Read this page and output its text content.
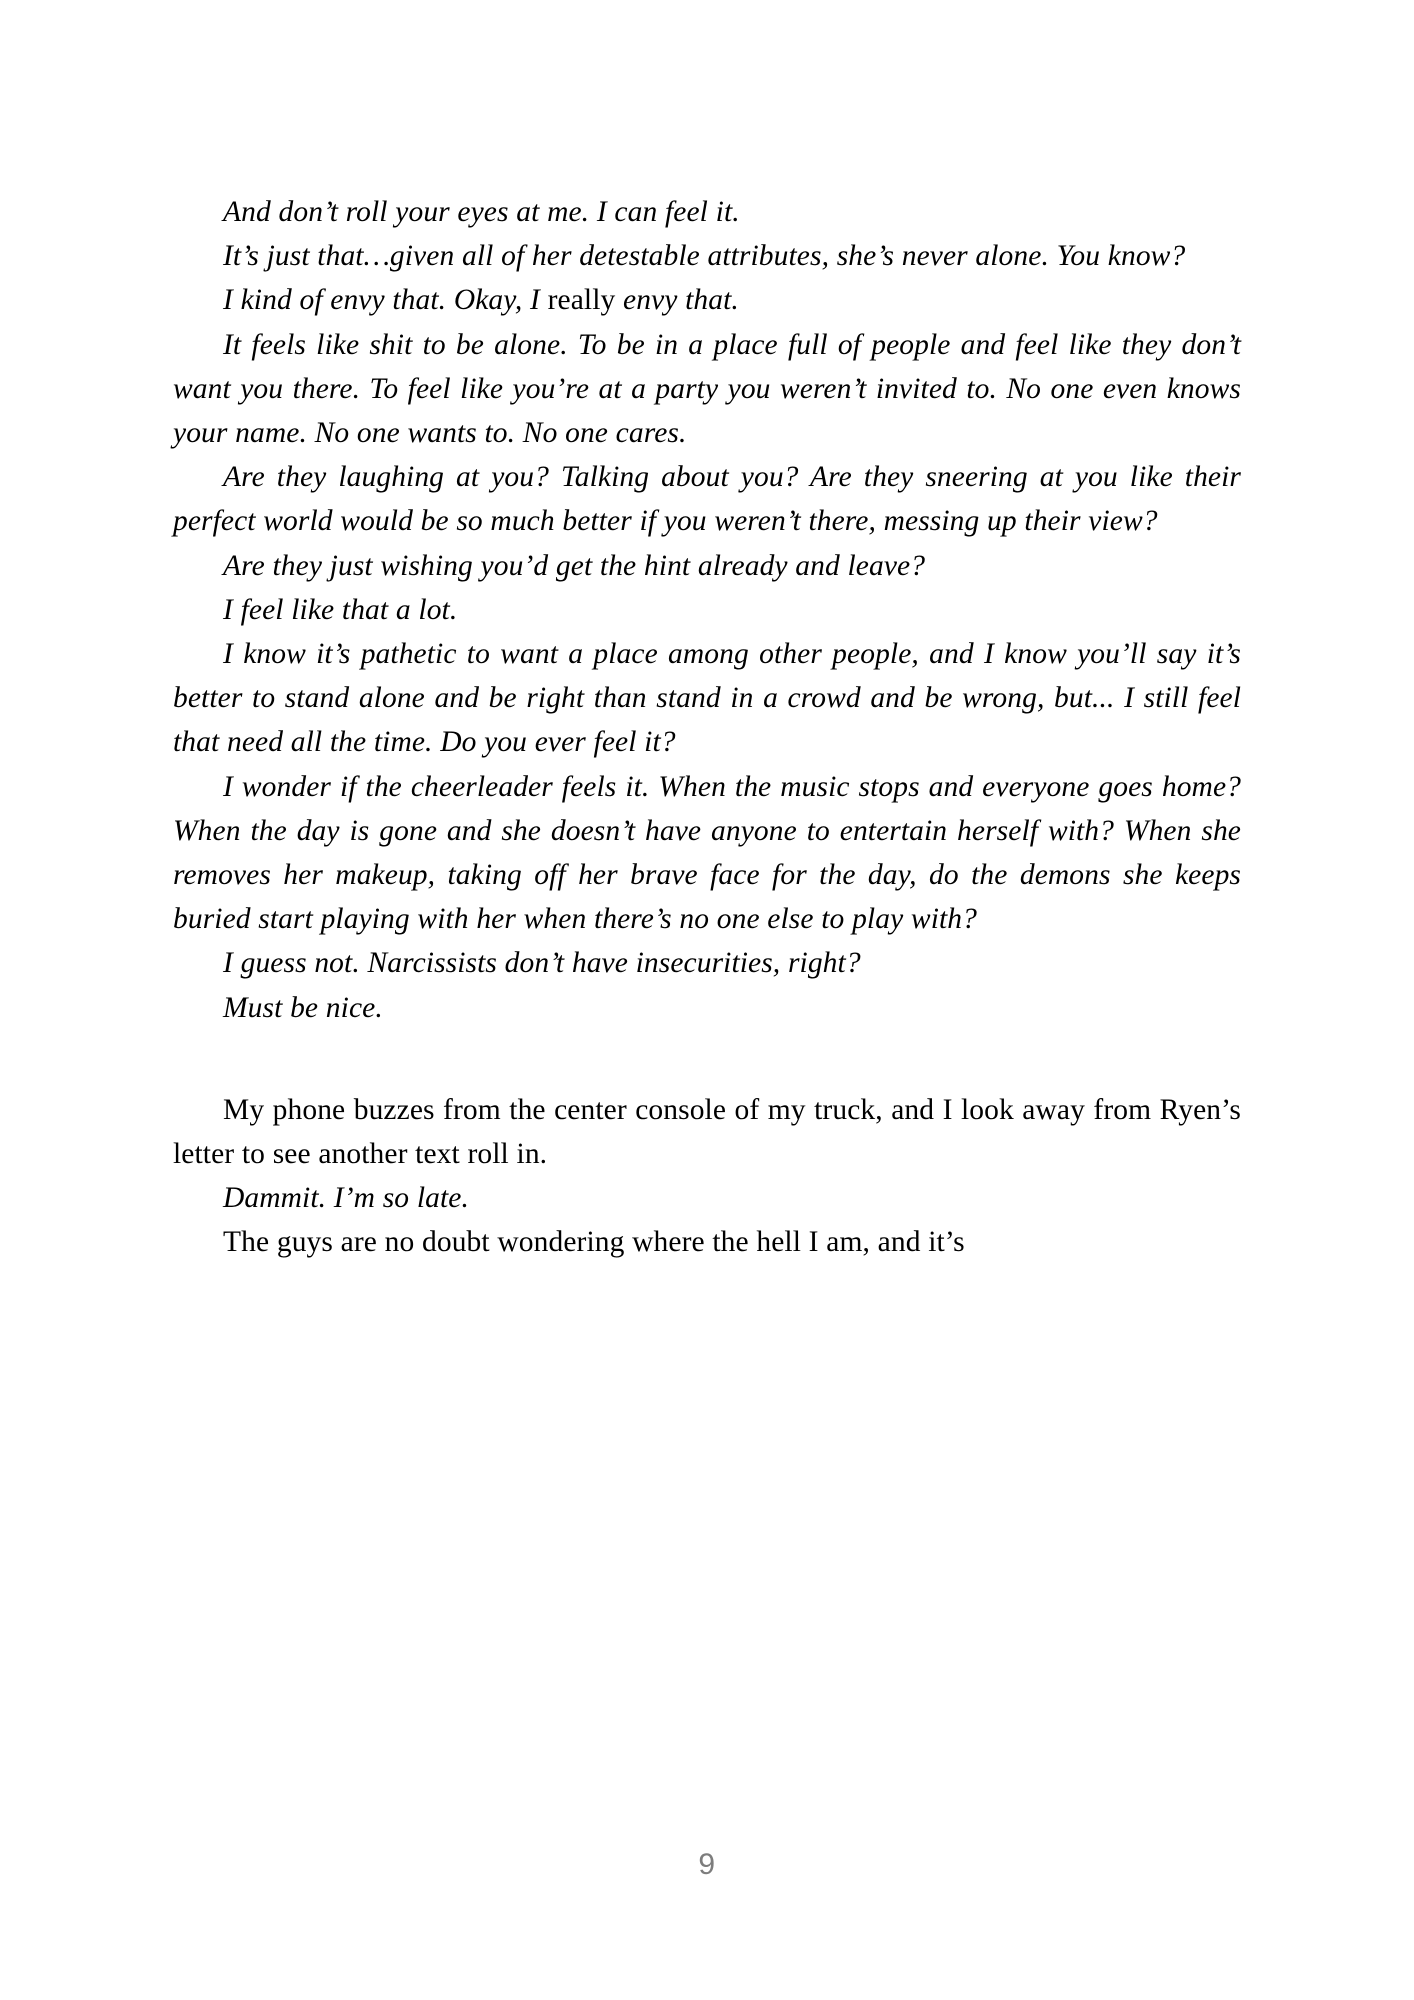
And don’t roll your eyes at me. I can feel it.

It’s just that…given all of her detestable attributes, she’s never alone. You know?

I kind of envy that. Okay, I really envy that.

It feels like shit to be alone. To be in a place full of people and feel like they don’t want you there. To feel like you’re at a party you weren’t invited to. No one even knows your name. No one wants to. No one cares.

Are they laughing at you? Talking about you? Are they sneering at you like their perfect world would be so much better if you weren’t there, messing up their view?

Are they just wishing you’d get the hint already and leave?

I feel like that a lot.

I know it’s pathetic to want a place among other people, and I know you’ll say it’s better to stand alone and be right than stand in a crowd and be wrong, but... I still feel that need all the time. Do you ever feel it?

I wonder if the cheerleader feels it. When the music stops and everyone goes home? When the day is gone and she doesn’t have anyone to entertain herself with? When she removes her makeup, taking off her brave face for the day, do the demons she keeps buried start playing with her when there’s no one else to play with?

I guess not. Narcissists don’t have insecurities, right?

Must be nice.

My phone buzzes from the center console of my truck, and I look away from Ryen’s letter to see another text roll in.

Dammit. I’m so late.

The guys are no doubt wondering where the hell I am, and it’s

9
